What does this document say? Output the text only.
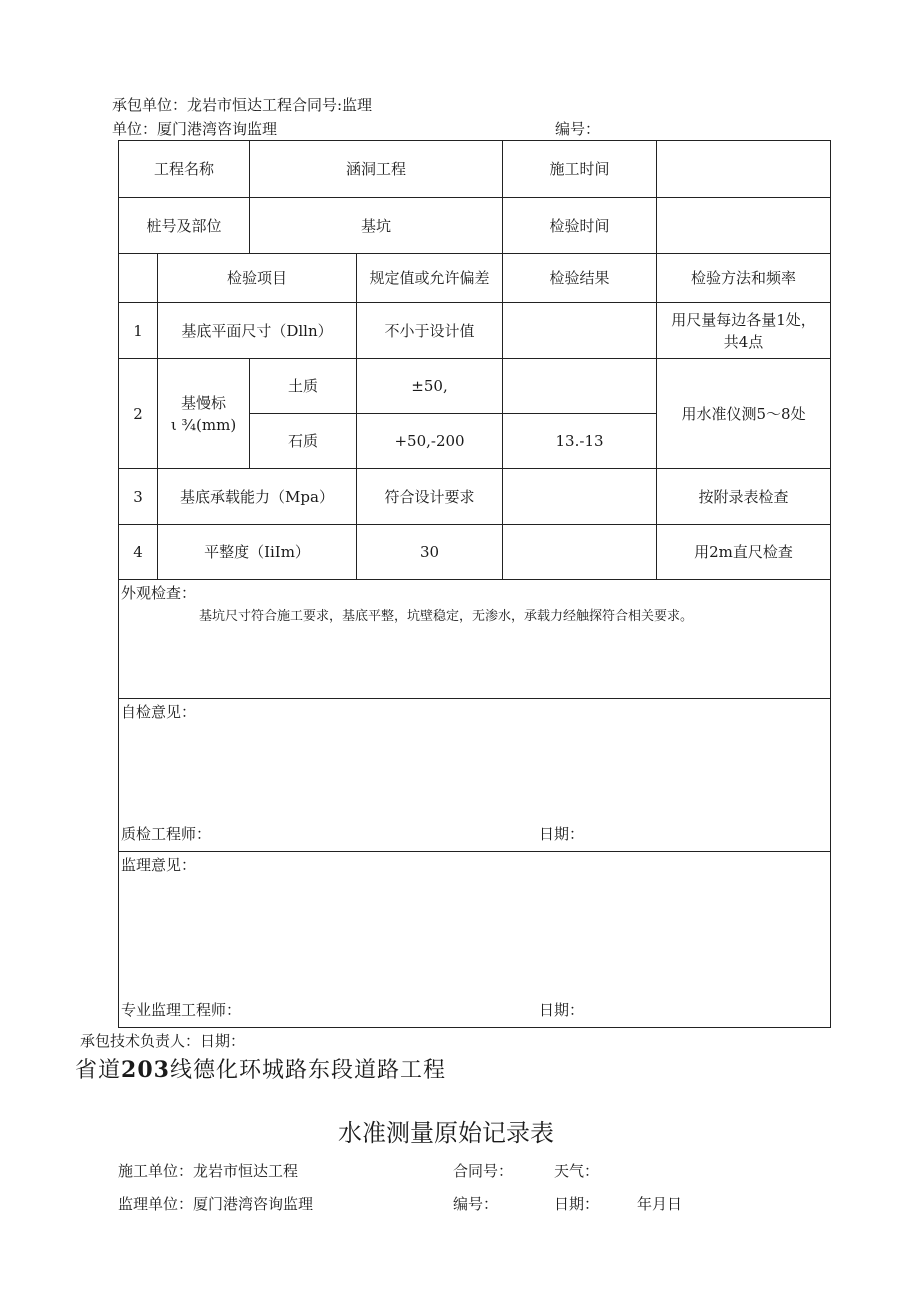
承包单位：龙岩市恒达工程合同号:监理
单位：厦门港湾咨询监理	编号：
工程名称		涵洞工程		施工时间	
桩号及部位		基坑		检验时间	
	检验项目		规定值或允许偏差	检验结果	检验方法和频率
1	基底平面尺寸（Dlln）		不小于设计值		用尺量每边各量1处，
共4点

2	基慢标
ι ¾(mm)	土质	±50,		用水准仪测5〜8处
		石质	+50,-200	13.-13	
3	基底承载能力（Mpa）		符合设计要求		按附录表检查
4	平整度（IiIm）		30		用2m直尺检查

外观检查：
基坑尺寸符合施工要求，基底平整，坑壁稳定，无渗水，承载力经触探符合相关要求。					

自检意见：
质检工程师： 日期：					

监理意见：
专业监理工程师： 日期：					
承包技术负责人：日期：
省道203线德化环城路东段道路工程
水准测量原始记录表
施工单位：龙岩市恒达工程	合同号：	天气：
监理单位：厦门港湾咨询监理	编号：	日期：	年月日
